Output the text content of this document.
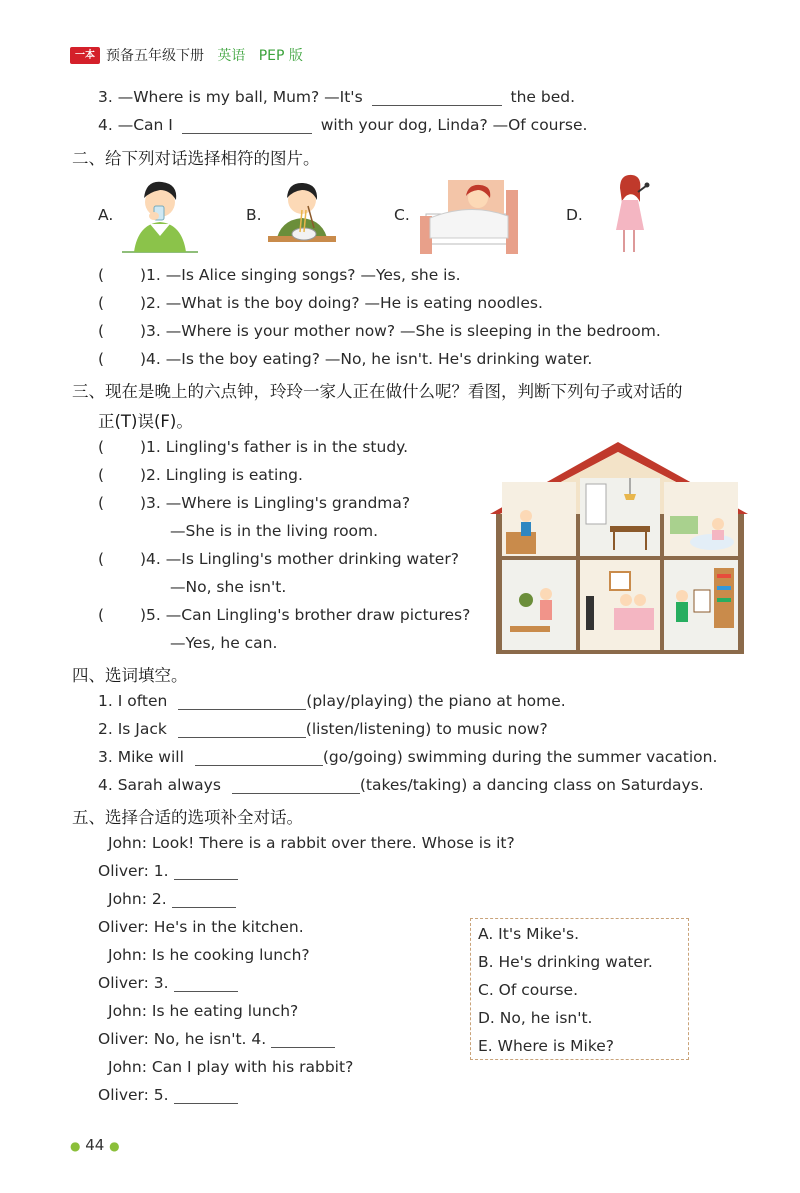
一本 预备五年级下册 英语 PEP 版
3. —Where is my ball, Mum? —It's	the bed.
4. —Can I	with your dog, Linda? —Of course.
二、给下列对话选择相符的图片。
A.	B.	C.	D.
( )1. —Is Alice singing songs? —Yes, she is.
( )2. —What is the boy doing? —He is eating noodles.
( )3. —Where is your mother now? —She is sleeping in the bedroom.
( )4. —Is the boy eating? —No, he isn't. He's drinking water.
三、现在是晚上的六点钟，玲玲一家人正在做什么呢？看图，判断下列句子或对话的
正(T)误(F)。
( )1. Lingling's father is in the study.
( )2. Lingling is eating.
( )3. —Where is Lingling's grandma?
—She is in the living room.
( )4. —Is Lingling's mother drinking water?
—No, she isn't.
( )5. —Can Lingling's brother draw pictures?
—Yes, he can.
四、选词填空。
1. I often	(play/playing) the piano at home.
2. Is Jack	(listen/listening) to music now?
3. Mike will	(go/going) swimming during the summer vacation.
4. Sarah always	(takes/taking) a dancing class on Saturdays.
五、选择合适的选项补全对话。
John: Look! There is a rabbit over there. Whose is it?
Oliver: 1.
John: 2.
Oliver: He's in the kitchen.
John: Is he cooking lunch?
Oliver: 3.
John: Is he eating lunch?
Oliver: No, he isn't. 4.
John: Can I play with his rabbit?
Oliver: 5.
A. It's Mike's.
B. He's drinking water.
C. Of course.
D. No, he isn't.
E. Where is Mike?
● 44 ●
